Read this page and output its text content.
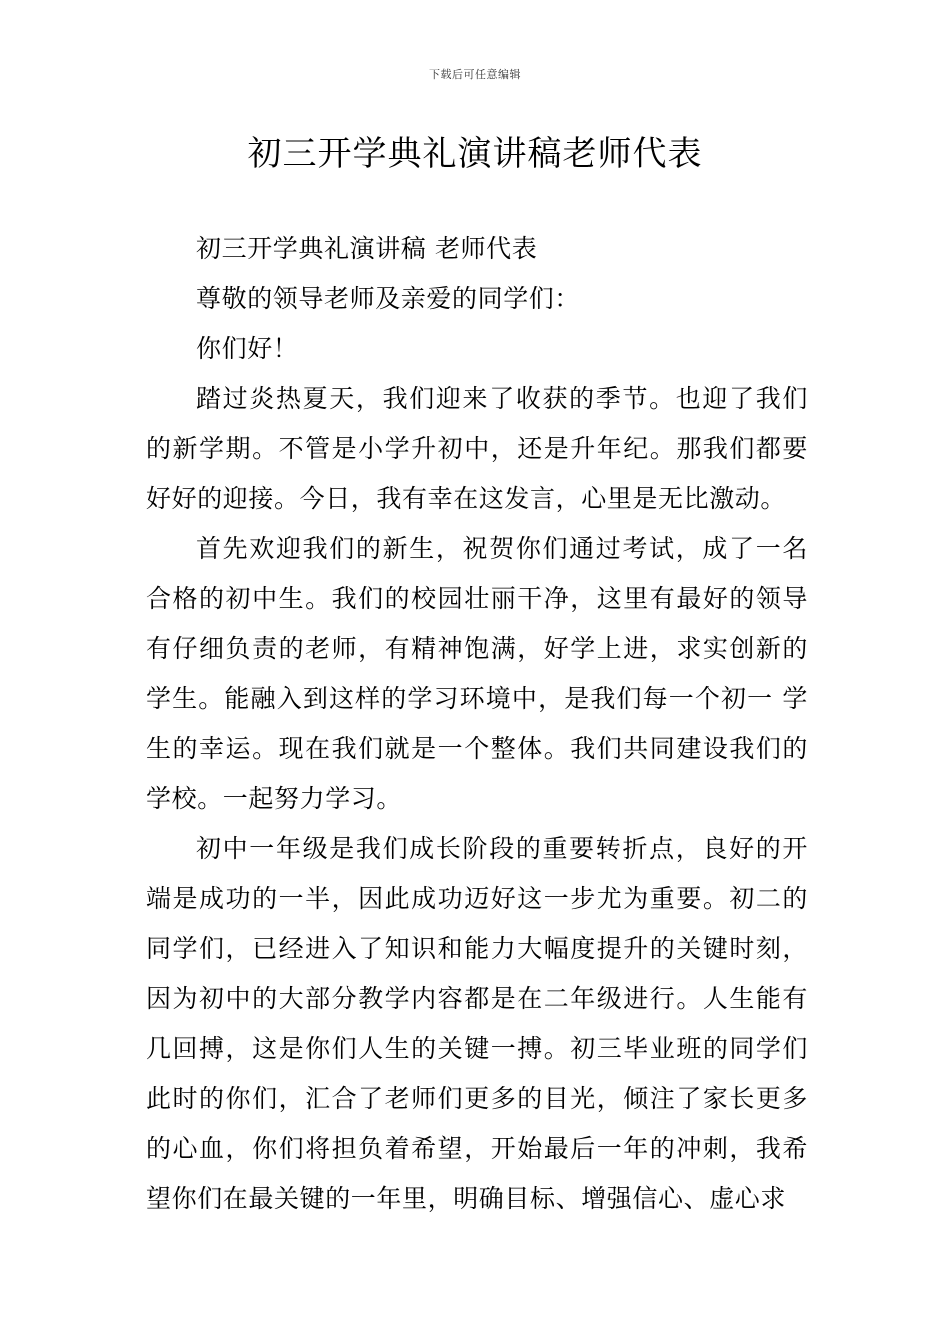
下载后可任意编辑
初三开学典礼演讲稿老师代表

初三开学典礼演讲稿 老师代表

尊敬的领导老师及亲爱的同学们：

你们好！

踏过炎热夏天，我们迎来了收获的季节。也迎了我们的新学期。不管是小学升初中，还是升年纪。那我们都要好好的迎接。今日，我有幸在这发言，心里是无比激动。

首先欢迎我们的新生，祝贺你们通过考试，成了一名合格的初中生。我们的校园壮丽干净，这里有最好的领导有仔细负责的老师，有精神饱满，好学上进，求实创新的学生。能融入到这样的学习环境中，是我们每一个初一 学生的幸运。现在我们就是一个整体。我们共同建设我们的学校。一起努力学习。

初中一年级是我们成长阶段的重要转折点，良好的开端是成功的一半，因此成功迈好这一步尤为重要。初二的同学们，已经进入了知识和能力大幅度提升的关键时刻，因为初中的大部分教学内容都是在二年级进行。人生能有几回搏，这是你们人生的关键一搏。初三毕业班的同学们此时的你们，汇合了老师们更多的目光，倾注了家长更多的心血，你们将担负着希望，开始最后一年的冲刺，我希望你们在最关键的一年里，明确目标、增强信心、虚心求
